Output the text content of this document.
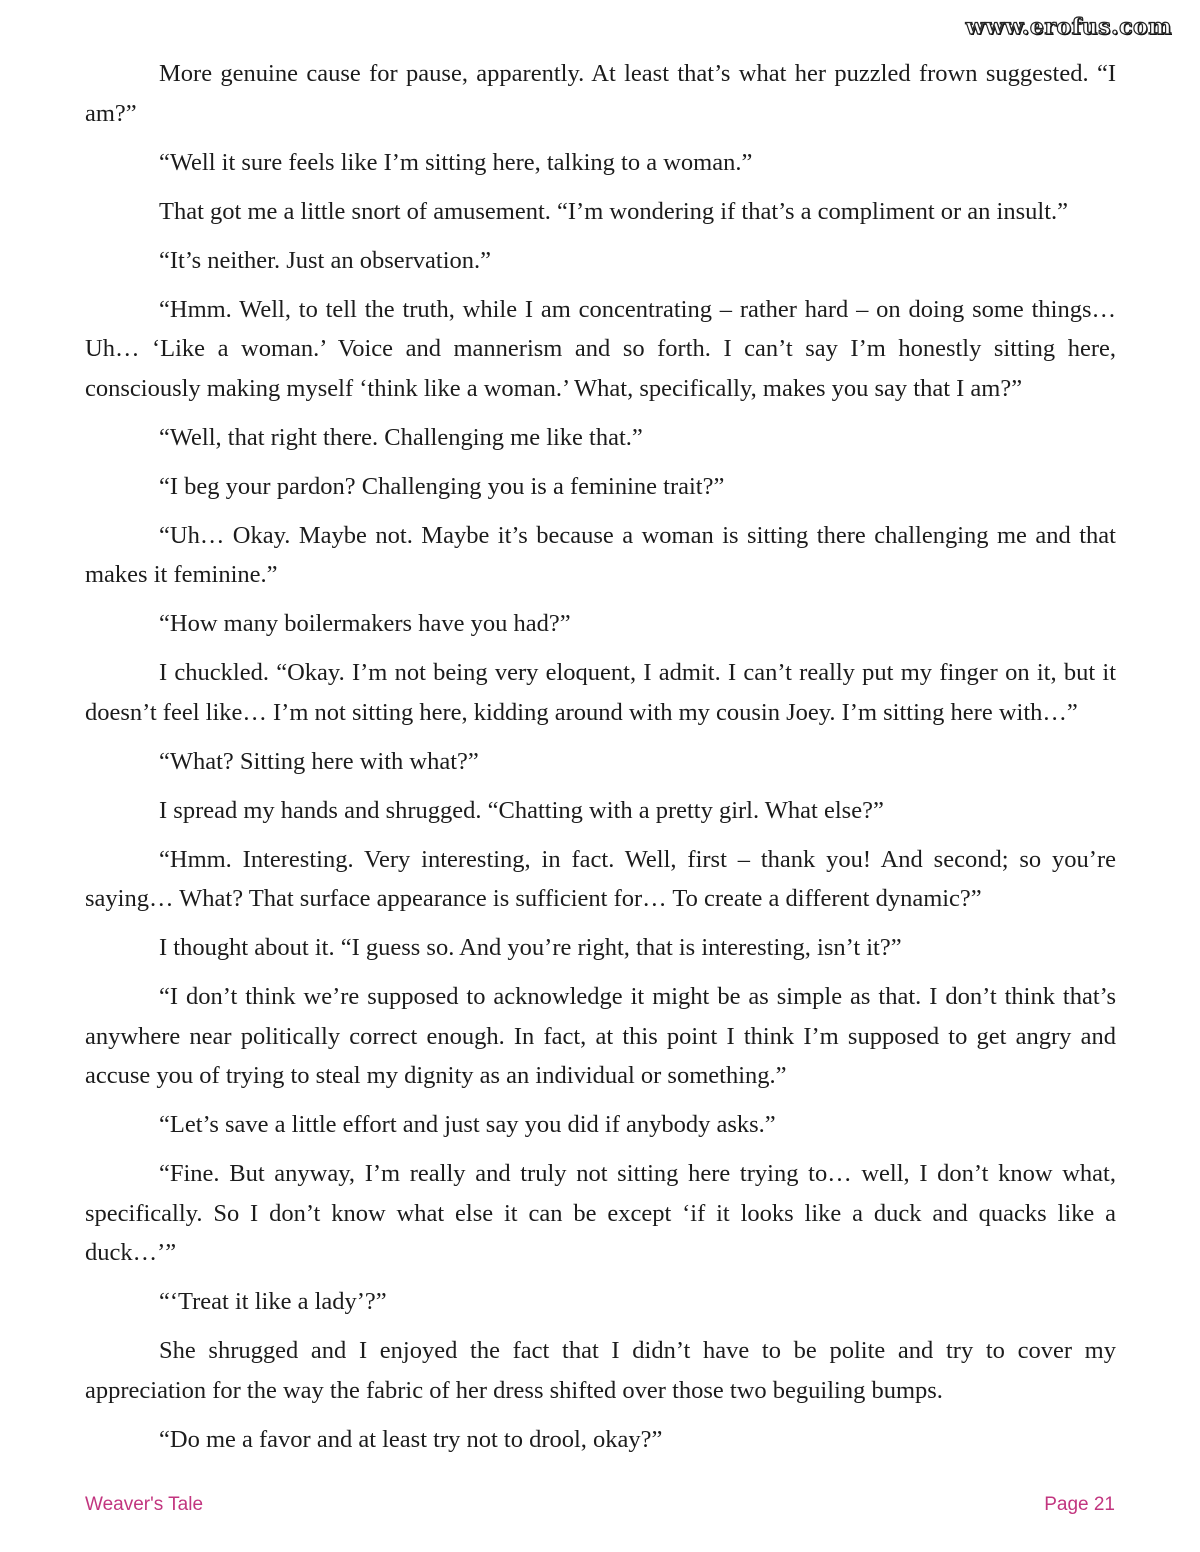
www.erofus.com

More genuine cause for pause, apparently. At least that’s what her puzzled frown suggested. “I am?”

“Well it sure feels like I’m sitting here, talking to a woman.”

That got me a little snort of amusement. “I’m wondering if that’s a compliment or an insult.”

“It’s neither. Just an observation.”

“Hmm. Well, to tell the truth, while I am concentrating – rather hard – on doing some things… Uh… ‘Like a woman.’ Voice and mannerism and so forth. I can’t say I’m honestly sitting here, consciously making myself ‘think like a woman.’ What, specifically, makes you say that I am?”

“Well, that right there. Challenging me like that.”

“I beg your pardon? Challenging you is a feminine trait?”

“Uh… Okay. Maybe not. Maybe it’s because a woman is sitting there challenging me and that makes it feminine.”

“How many boilermakers have you had?”

I chuckled. “Okay. I’m not being very eloquent, I admit. I can’t really put my finger on it, but it doesn’t feel like… I’m not sitting here, kidding around with my cousin Joey. I’m sitting here with…”

“What? Sitting here with what?”

I spread my hands and shrugged. “Chatting with a pretty girl. What else?”

“Hmm. Interesting. Very interesting, in fact. Well, first – thank you! And second; so you’re saying… What? That surface appearance is sufficient for… To create a different dynamic?”

I thought about it. “I guess so. And you’re right, that is interesting, isn’t it?”

“I don’t think we’re supposed to acknowledge it might be as simple as that. I don’t think that’s anywhere near politically correct enough. In fact, at this point I think I’m supposed to get angry and accuse you of trying to steal my dignity as an individual or something.”

“Let’s save a little effort and just say you did if anybody asks.”

“Fine. But anyway, I’m really and truly not sitting here trying to… well, I don’t know what, specifically. So I don’t know what else it can be except ‘if it looks like a duck and quacks like a duck…’”

“‘Treat it like a lady’?”

She shrugged and I enjoyed the fact that I didn’t have to be polite and try to cover my appreciation for the way the fabric of her dress shifted over those two beguiling bumps.

“Do me a favor and at least try not to drool, okay?”

Weaver's Tale	Page 21
